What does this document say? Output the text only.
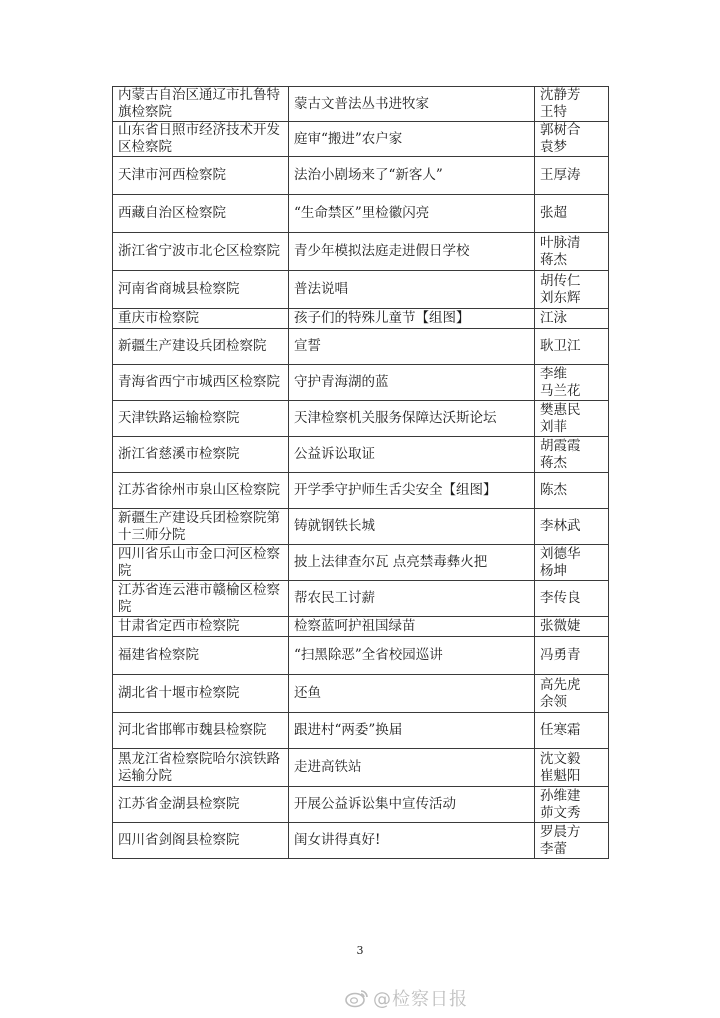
内蒙古自治区通辽市扎鲁特旗检察院	蒙古文普法丛书进牧家	沈静芳
王特
山东省日照市经济技术开发区检察院	庭审“搬进”农户家	郭树合
袁梦
天津市河西检察院	法治小剧场来了“新客人”	王厚涛
西藏自治区检察院	“生命禁区”里检徽闪亮	张超
浙江省宁波市北仑区检察院	青少年模拟法庭走进假日学校	叶脉清
蒋杰
河南省商城县检察院	普法说唱	胡传仁
刘东辉
重庆市检察院	孩子们的特殊儿童节【组图】	江泳
新疆生产建设兵团检察院	宣誓	耿卫江
青海省西宁市城西区检察院	守护青海湖的蓝	李维
马兰花
天津铁路运输检察院	天津检察机关服务保障达沃斯论坛	樊惠民
刘菲
浙江省慈溪市检察院	公益诉讼取证	胡霞霞
蒋杰
江苏省徐州市泉山区检察院	开学季守护师生舌尖安全【组图】	陈杰
新疆生产建设兵团检察院第十三师分院	铸就钢铁长城	李林武
四川省乐山市金口河区检察院	披上法律查尔瓦 点亮禁毒彝火把	刘德华
杨坤
江苏省连云港市赣榆区检察院	帮农民工讨薪	李传良
甘肃省定西市检察院	检察蓝呵护祖国绿苗	张微婕
福建省检察院	“扫黑除恶”全省校园巡讲	冯勇青
湖北省十堰市检察院	还鱼	高先虎
余领
河北省邯郸市魏县检察院	跟进村“两委”换届	任寒霜
黑龙江省检察院哈尔滨铁路运输分院	走进高铁站	沈文毅
崔魁阳
江苏省金湖县检察院	开展公益诉讼集中宣传活动	孙维建
茆文秀
四川省剑阁县检察院	闺女讲得真好!	罗晨方
李蕾
3
@检察日报
